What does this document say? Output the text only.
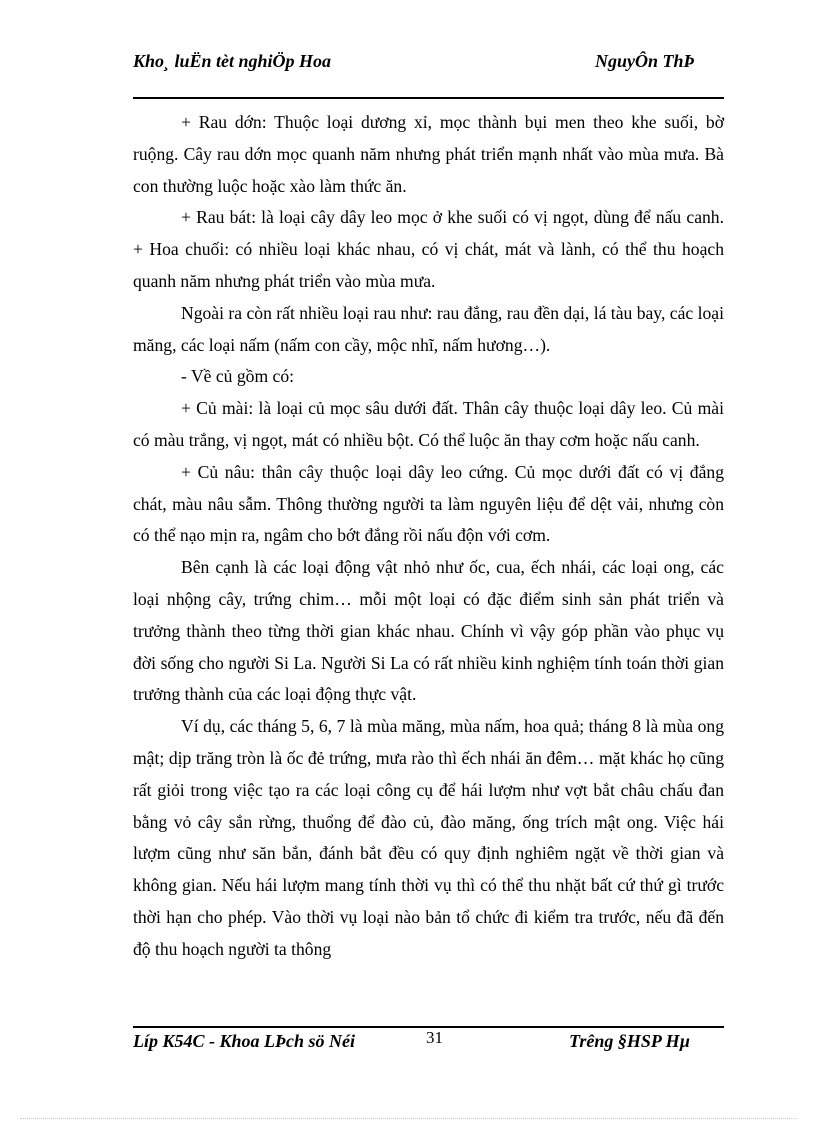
Kho¸ luËn tèt nghiÖp Hoa	NguyÔn ThÞ

+ Rau dớn: Thuộc loại dương xỉ, mọc thành bụi men theo khe suối, bờ ruộng. Cây rau dớn mọc quanh năm nhưng phát triển mạnh nhất vào mùa mưa. Bà con thường luộc hoặc xào làm thức ăn.

+ Rau bát: là loại cây dây leo mọc ở khe suối có vị ngọt, dùng để nấu canh. + Hoa chuối: có nhiều loại khác nhau, có vị chát, mát và lành, có thể thu hoạch quanh năm nhưng phát triển vào mùa mưa.

Ngoài ra còn rất nhiều loại rau như: rau đắng, rau đền dại, lá tàu bay, các loại măng, các loại nấm (nấm con cầy, mộc nhĩ, nấm hương…).

- Về củ gồm có:

+ Củ mài: là loại củ mọc sâu dưới đất. Thân cây thuộc loại dây leo. Củ mài có màu trắng, vị ngọt, mát có nhiều bột. Có thể luộc ăn thay cơm hoặc nấu canh.

+ Củ nâu: thân cây thuộc loại dây leo cứng. Củ mọc dưới đất có vị đắng chát, màu nâu sẫm. Thông thường người ta làm nguyên liệu để dệt vải, nhưng còn có thể nạo mịn ra, ngâm cho bớt đắng rồi nấu độn với cơm.

Bên cạnh là các loại động vật nhỏ như ốc, cua, ếch nhái, các loại ong, các loại nhộng cây, trứng chim… mỗi một loại có đặc điểm sinh sản phát triển và trưởng thành theo từng thời gian khác nhau. Chính vì vậy góp phần vào phục vụ đời sống cho người Si La. Người Si La có rất nhiều kinh nghiệm tính toán thời gian trưởng thành của các loại động thực vật.

Ví dụ, các tháng 5, 6, 7 là mùa măng, mùa nấm, hoa quả; tháng 8 là mùa ong mật; dịp trăng tròn là ốc đẻ trứng, mưa rào thì ếch nhái ăn đêm… mặt khác họ cũng rất giỏi trong việc tạo ra các loại công cụ để hái lượm như vợt bắt châu chấu đan bằng vỏ cây sắn rừng, thuổng để đào củ, đào măng, ống trích mật ong. Việc hái lượm cũng như săn bắn, đánh bắt đều có quy định nghiêm ngặt về thời gian và không gian. Nếu hái lượm mang tính thời vụ thì có thể thu nhặt bất cứ thứ gì trước thời hạn cho phép. Vào thời vụ loại nào bản tổ chức đi kiểm tra trước, nếu đã đến độ thu hoạch người ta thông

Líp K54C - Khoa LÞch sö Néi	31	Trêng §HSP Hµ
